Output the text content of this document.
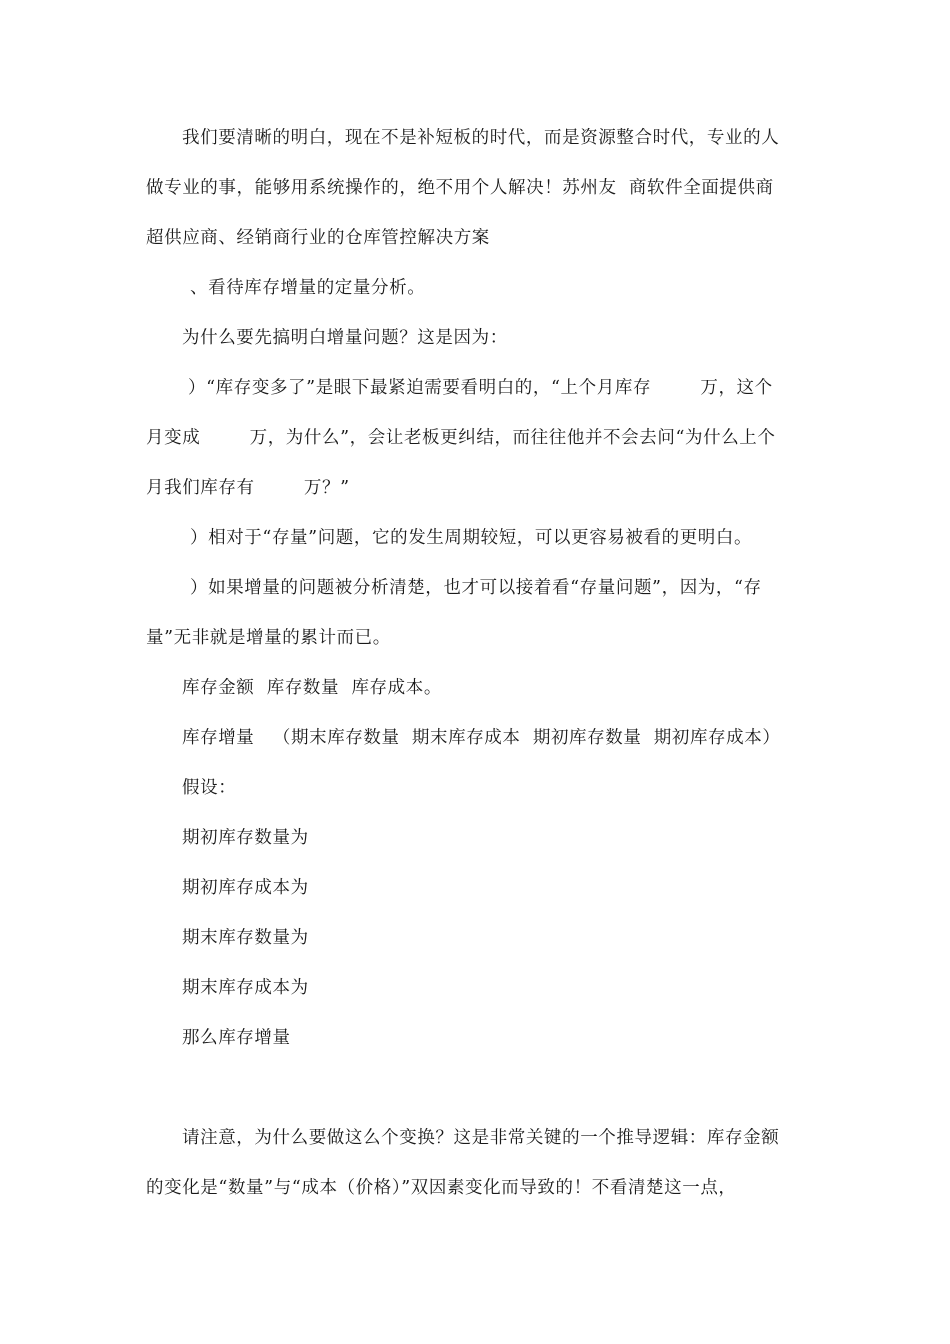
我们要清晰的明白，现在不是补短板的时代，而是资源整合时代，专业的人
做专业的事，能够用系统操作的，绝不用个人解决！苏州友  商软件全面提供商
超供应商、经销商行业的仓库管控解决方案
、看待库存增量的定量分析。
为什么要先搞明白增量问题？这是因为：
）“库存变多了”是眼下最紧迫需要看明白的，“上个月库存        万，这个
月变成        万，为什么”，会让老板更纠结，而往往他并不会去问“为什么上个
月我们库存有        万？”
）相对于“存量”问题，它的发生周期较短，可以更容易被看的更明白。
）如果增量的问题被分析清楚，也才可以接着看“存量问题”，因为，“存
量”无非就是增量的累计而已。
库存金额  库存数量  库存成本。
库存增量   （期末库存数量  期末库存成本  期初库存数量  期初库存成本）
假设：
期初库存数量为
期初库存成本为
期末库存数量为
期末库存成本为
那么库存增量
请注意，为什么要做这么个变换？这是非常关键的一个推导逻辑：库存金额
的变化是“数量”与“成本（价格）”双因素变化而导致的！不看清楚这一点，
